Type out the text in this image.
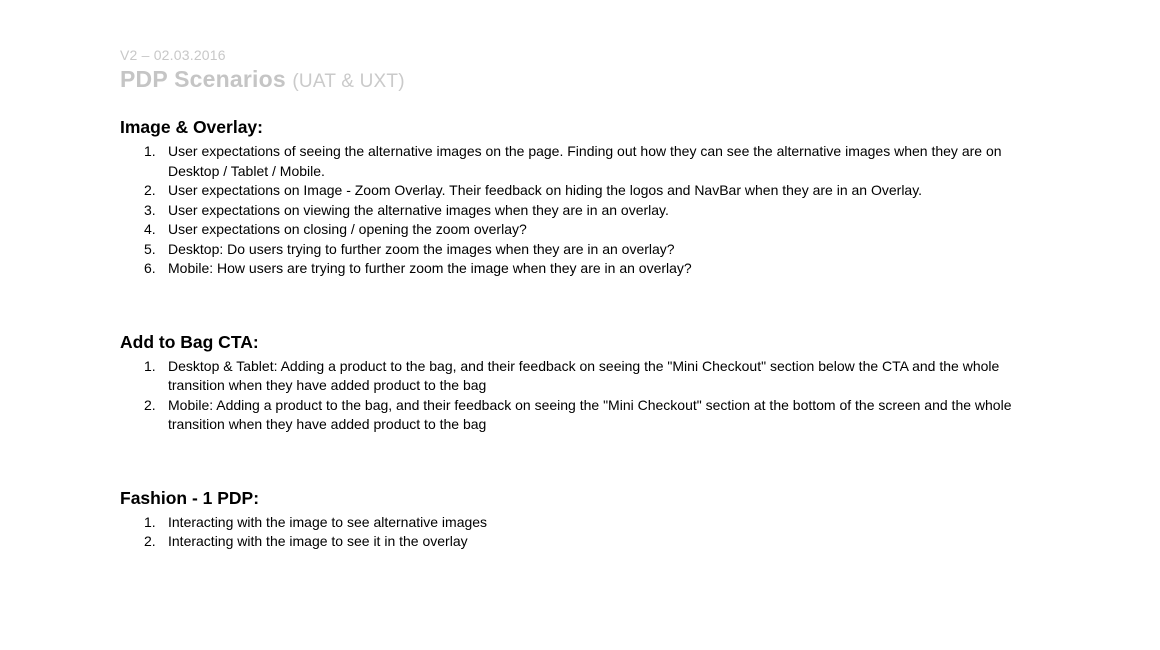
V2 – 02.03.2016
PDP Scenarios (UAT & UXT)
Image & Overlay:
User expectations of seeing the alternative images on the page. Finding out how they can see the alternative images when they are on Desktop / Tablet / Mobile.
User expectations on Image - Zoom Overlay. Their feedback on hiding the logos and NavBar when they are in an Overlay.
User expectations on viewing the alternative images when they are in an overlay.
User expectations on closing / opening the zoom overlay?
Desktop: Do users trying to further zoom the images when they are in an overlay?
Mobile: How users are trying to further zoom the image when they are in an overlay?
Add to Bag CTA:
Desktop & Tablet: Adding a product to the bag, and their feedback on seeing the "Mini Checkout" section below the CTA and the whole transition when they have added product to the bag
Mobile: Adding a product to the bag, and their feedback on seeing the "Mini Checkout" section at the bottom of the screen and the whole transition when they have added product to the bag
Fashion - 1 PDP:
Interacting with the image to see alternative images
Interacting with the image to see it in the overlay
